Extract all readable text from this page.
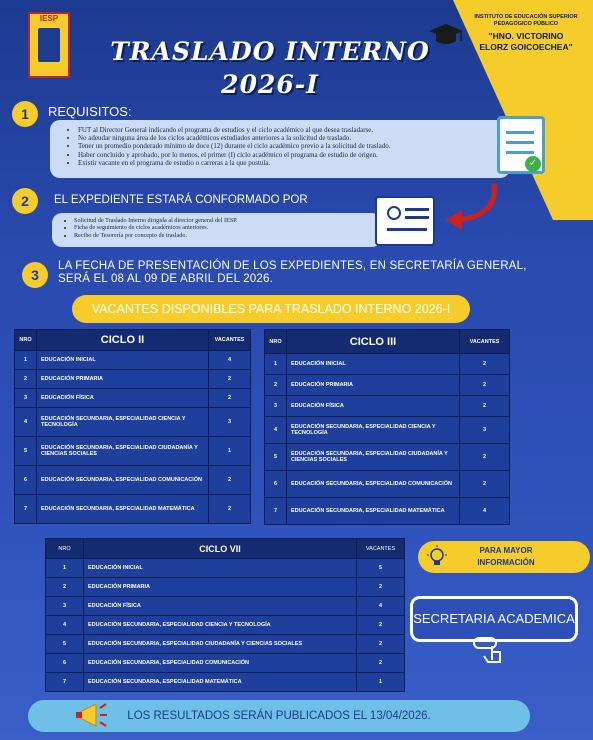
IESP
TRASLADO INTERNO
2026-I
INSTITUTO DE EDUCACIÓN SUPERIOR
PEDAGÓGICO PÚBLICO
"HNO. VICTORINO
ELORZ GOICOECHEA"
1	REQUISITOS:
• FUT al Director General indicando el programa de estudios y el ciclo académico al que desea trasladarse.
• No adeudar ninguna área de los ciclos académicos estudiados anteriores a la solicitud de traslado.
• Tener un promedio ponderado mínimo de doce (12) durante el ciclo académico previo a la solicitud de traslado.
• Haber concluido y aprobado, por lo menos, el primer (I) ciclo académico el programa de estudio de origen.
• Existir vacante en el programa de estudio o carreras a la que postula.	✓
2	EL EXPEDIENTE ESTARÁ CONFORMADO POR
• Solicitud de Traslado Interno dirigida al director general del IESP.
• Ficha de seguimiento de ciclos académicos anteriores.
• Recibo de Tesorería por concepto de traslado.
3
LA FECHA DE PRESENTACIÓN DE LOS EXPEDIENTES, EN SECRETARÍA GENERAL, SERÁ EL 08 AL 09 DE ABRIL DEL 2026.
VACANTES DISPONIBLES PARA TRASLADO INTERNO 2026-I
NRO	CICLO II	VACANTES
1	EDUCACIÓN INICIAL	4
2	EDUCACIÓN PRIMARIA	2
3	EDUCACIÓN FÍSICA	2
4	EDUCACIÓN SECUNDARIA, ESPECIALIDAD CIENCIA Y TECNOLOGÍA	3
5	EDUCACIÓN SECUNDARIA, ESPECIALIDAD CIUDADANÍA Y CIENCIAS SOCIALES	1
6	EDUCACIÓN SECUNDARIA, ESPECIALIDAD COMUNICACIÓN	2
7	EDUCACIÓN SECUNDARIA, ESPECIALIDAD MATEMÁTICA	2
NRO	CICLO III	VACANTES
1	EDUCACIÓN INICIAL	2
2	EDUCACIÓN PRIMARIA	2
3	EDUCACIÓN FÍSICA	2
4	EDUCACIÓN SECUNDARIA, ESPECIALIDAD CIENCIA Y TECNOLOGÍA	3
5	EDUCACIÓN SECUNDARIA, ESPECIALIDAD CIUDADANÍA Y CIENCIAS SOCIALES	2
6	EDUCACIÓN SECUNDARIA, ESPECIALIDAD COMUNICACIÓN	2
7	EDUCACIÓN SECUNDARIA, ESPECIALIDAD MATEMÁTICA	4
NRO	CICLO VII	VACANTES
1	EDUCACIÓN INICIAL	5
2	EDUCACIÓN PRIMARIA	2
3	EDUCACIÓN FÍSICA	4
4	EDUCACIÓN SECUNDARIA, ESPECIALIDAD CIENCIA Y TECNOLOGÍA	2
5	EDUCACIÓN SECUNDARIA, ESPECIALIDAD CIUDADANÍA Y CIENCIAS SOCIALES	2
6	EDUCACIÓN SECUNDARIA, ESPECIALIDAD COMUNICACIÓN	2
7	EDUCACIÓN SECUNDARIA, ESPECIALIDAD MATEMÁTICA	1
PARA MAYOR
INFORMACIÓN
SECRETARIA ACADEMICA
LOS RESULTADOS SERÁN PUBLICADOS EL 13/04/2026.
